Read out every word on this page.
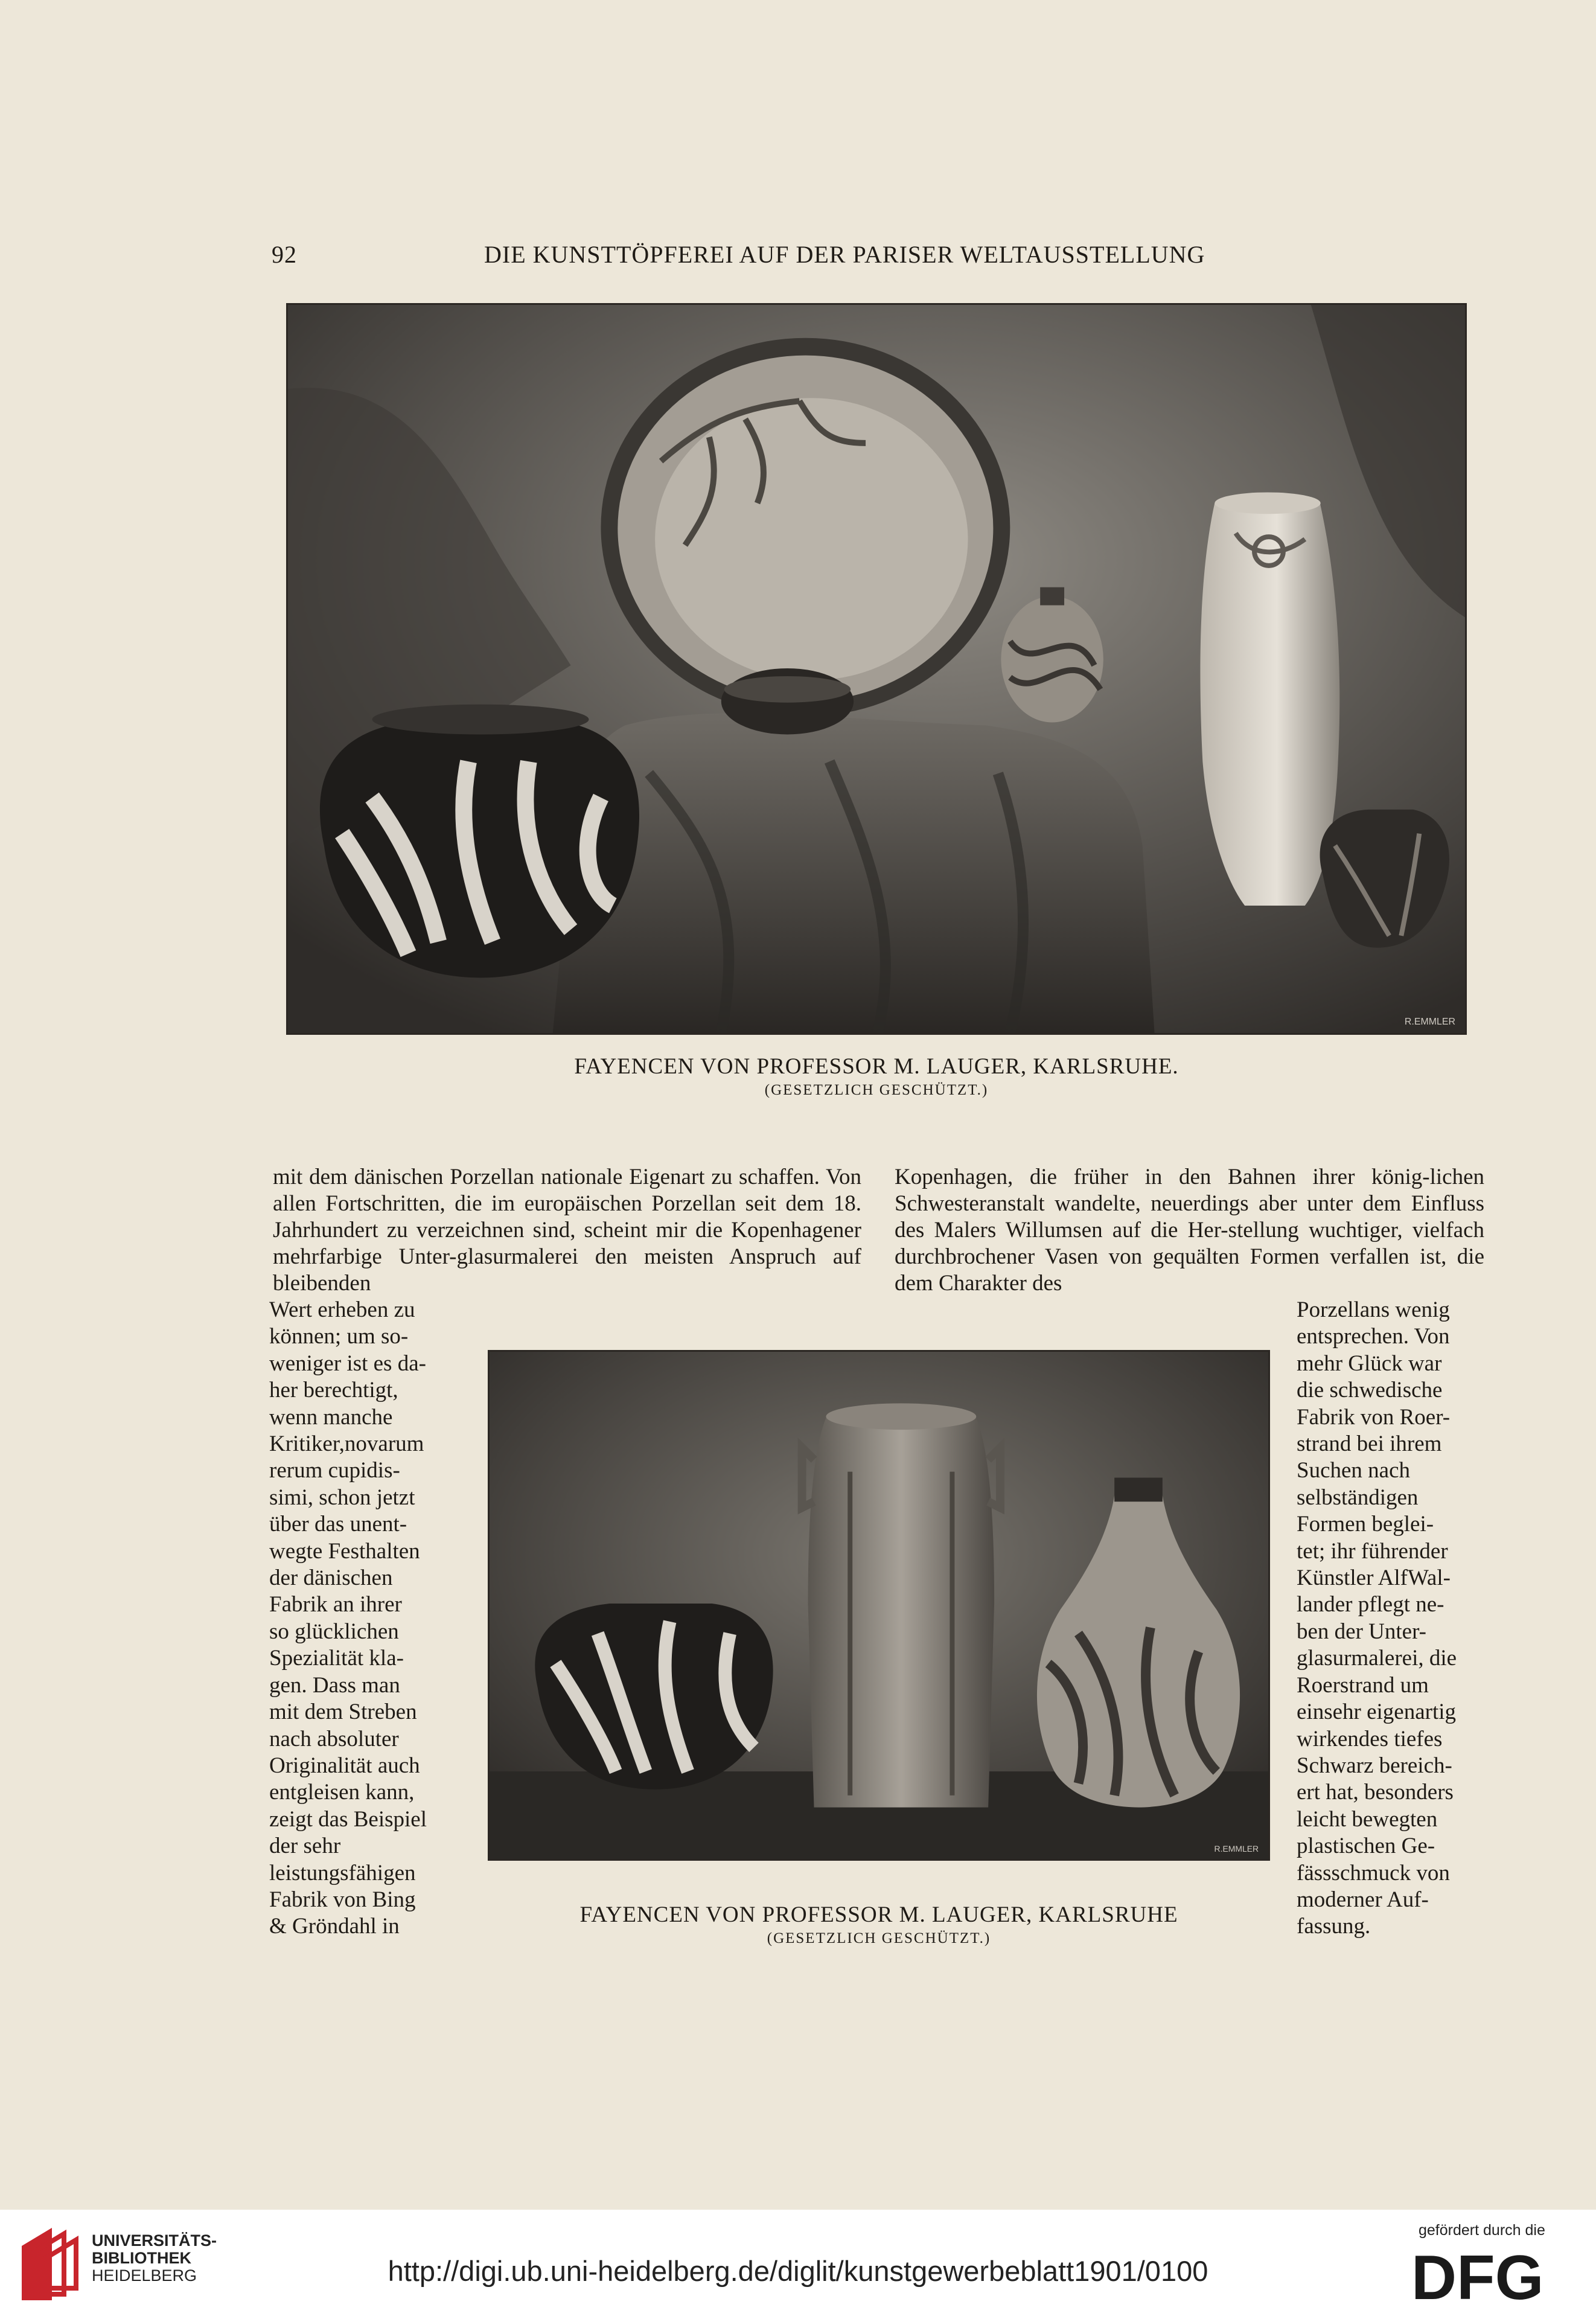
92	DIE KUNSTTÖPFEREI AUF DER PARISER WELTAUSSTELLUNG
R.EMMLER
FAYENCEN VON PROFESSOR M. LAUGER, KARLSRUHE.
(GESETZLICH GESCHÜTZT.)

mit dem dänischen Porzellan nationale Eigenart zu schaffen. Von allen Fortschritten, die im europäischen Porzellan seit dem 18. Jahrhundert zu verzeichnen sind, scheint mir die Kopenhagener mehrfarbige Unter-glasurmalerei den meisten Anspruch auf bleibenden

Kopenhagen, die früher in den Bahnen ihrer könig-lichen Schwesteranstalt wandelte, neuerdings aber unter dem Einfluss des Malers Willumsen auf die Her-stellung wuchtiger, vielfach durchbrochener Vasen von gequälten Formen verfallen ist, die dem Charakter des

Wert erheben zu
können; um so-
weniger ist es da-
her berechtigt,
wenn manche
Kritiker,novarum
rerum cupidis-
simi, schon jetzt
über das unent-
wegte Festhalten
der dänischen
Fabrik an ihrer
so glücklichen
Spezialität kla-
gen. Dass man
mit dem Streben
nach absoluter
Originalität auch
entgleisen kann,
zeigt das Beispiel
der sehr
leistungsfähigen
Fabrik von Bing
& Gröndahl in
Porzellans wenig
entsprechen. Von
mehr Glück war
die schwedische
Fabrik von Roer-
strand bei ihrem
Suchen nach
selbständigen
Formen beglei-
tet; ihr führender
Künstler AlfWal-
lander pflegt ne-
ben der Unter-
glasurmalerei, die
Roerstrand um
einsehr eigenartig
wirkendes tiefes
Schwarz bereich-
ert hat, besonders
leicht bewegten
plastischen Ge-
fässschmuck von
moderner Auf-
fassung.
R.EMMLER
FAYENCEN VON PROFESSOR M. LAUGER, KARLSRUHE
(GESETZLICH GESCHÜTZT.)
UNIVERSITÄTS-
BIBLIOTHEK
HEIDELBERG	http://digi.ub.uni-heidelberg.de/diglit/kunstgewerbeblatt1901/0100
gefördert durch die
DFG
